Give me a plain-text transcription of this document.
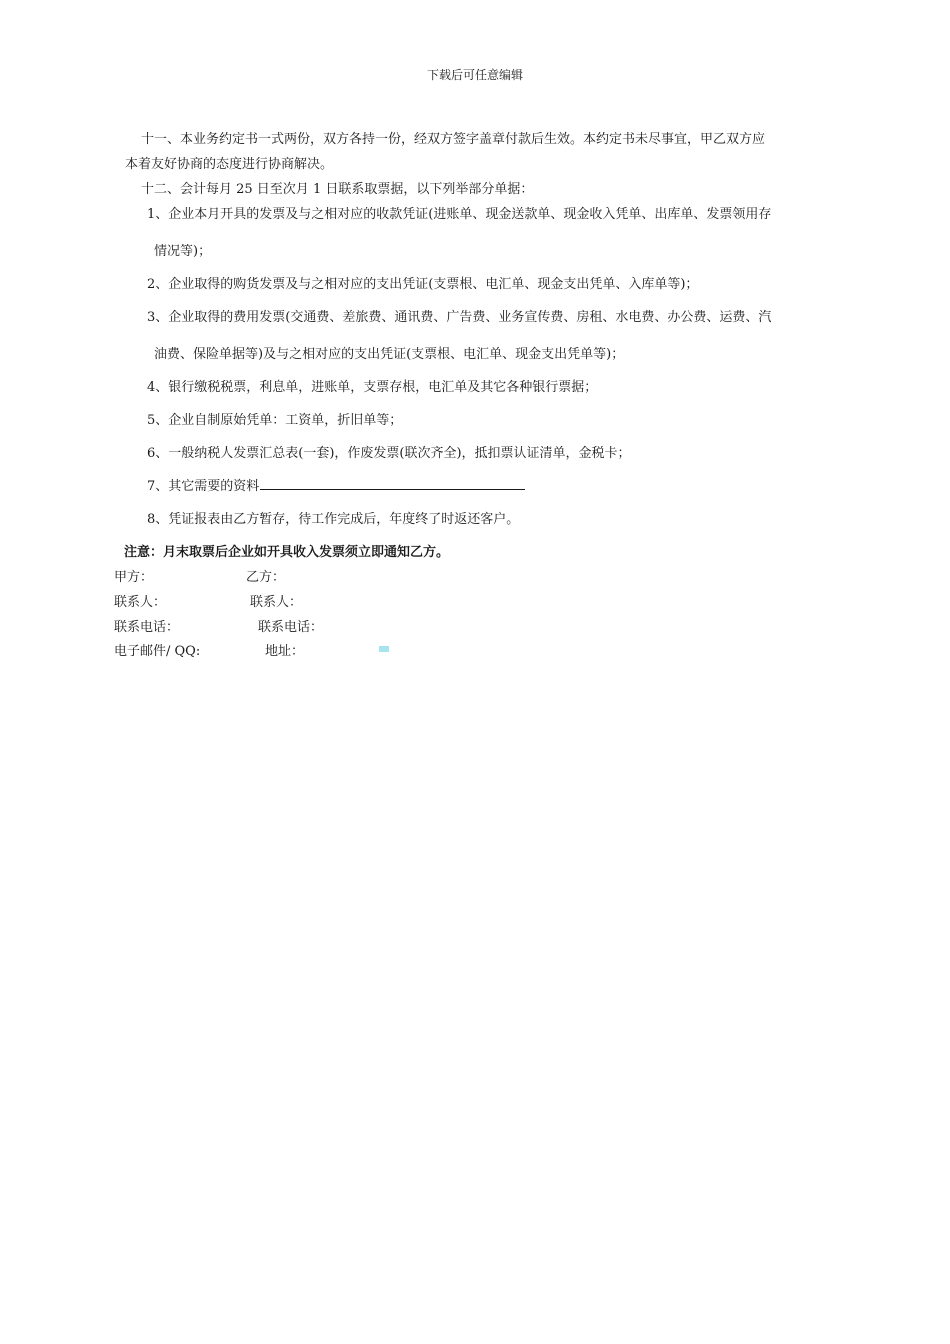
下载后可任意编辑
十一、本业务约定书一式两份，双方各持一份，经双方签字盖章付款后生效。本约定书未尽事宜，甲乙双方应
本着友好协商的态度进行协商解决。
十二、会计每月 25 日至次月 1 日联系取票据，以下列举部分单据：
1、企业本月开具的发票及与之相对应的收款凭证(进账单、现金送款单、现金收入凭单、出库单、发票领用存
情况等)；
2、企业取得的购货发票及与之相对应的支出凭证(支票根、电汇单、现金支出凭单、入库单等)；
3、企业取得的费用发票(交通费、差旅费、通讯费、广告费、业务宣传费、房租、水电费、办公费、运费、汽
油费、保险单据等)及与之相对应的支出凭证(支票根、电汇单、现金支出凭单等)；
4、银行缴税税票，利息单，进账单，支票存根，电汇单及其它各种银行票据；
5、企业自制原始凭单：工资单，折旧单等；
6、一般纳税人发票汇总表(一套)，作废发票(联次齐全)，抵扣票认证清单，金税卡；
7、其它需要的资料
8、凭证报表由乙方暂存，待工作完成后，年度终了时返还客户。
注意：月末取票后企业如开具收入发票须立即通知乙方。
甲方：	乙方：
联系人：	联系人：
联系电话：	联系电话：
电子邮件/ QQ:	地址：
